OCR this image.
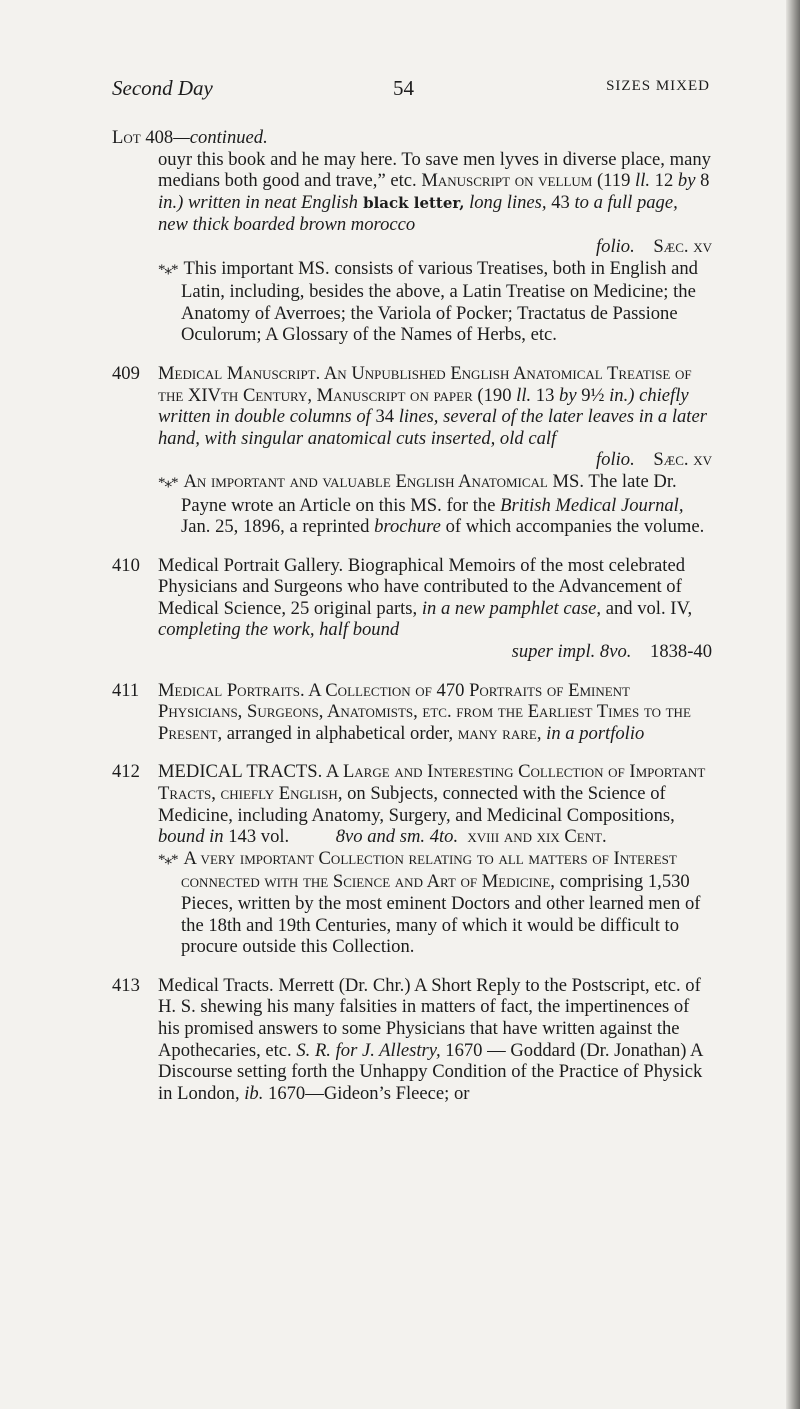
Second Day	54	SIZES MIXED

Lot 408—continued.

ouyr this book and he may here. To save men lyves in diverse place, many medians both good and trave,” etc. Manuscript on vellum (119 ll. 12 by 8 in.) written in neat English black letter, long lines, 43 to a full page, new thick boarded brown morocco

folio. Sæc. xv

*⁎* This important MS. consists of various Treatises, both in English and Latin, including, besides the above, a Latin Treatise on Medicine; the Anatomy of Averroes; the Variola of Pocker; Tractatus de Passione Oculorum; A Glossary of the Names of Herbs, etc.

409 Medical Manuscript. An Unpublished English Anatomical Treatise of the XIVth Century, Manuscript on paper (190 ll. 13 by 9½ in.) chiefly written in double columns of 34 lines, several of the later leaves in a later hand, with singular anatomical cuts inserted, old calf

folio. Sæc. xv

*⁎* An important and valuable English Anatomical MS. The late Dr. Payne wrote an Article on this MS. for the British Medical Journal, Jan. 25, 1896, a reprinted brochure of which accompanies the volume.

410 Medical Portrait Gallery. Biographical Memoirs of the most celebrated Physicians and Surgeons who have contributed to the Advancement of Medical Science, 25 original parts, in a new pamphlet case, and vol. IV, completing the work, half bound

super impl. 8vo. 1838-40

411 Medical Portraits. A Collection of 470 Portraits of Eminent Physicians, Surgeons, Anatomists, etc. from the Earliest Times to the Present, arranged in alphabetical order, many rare, in a portfolio

412 MEDICAL TRACTS. A Large and Interesting Collection of Important Tracts, chiefly English, on Subjects, connected with the Science of Medicine, including Anatomy, Surgery, and Medicinal Compositions, bound in 143 vol. 8vo and sm. 4to. xviii and xix Cent.

*⁎* A very important Collection relating to all matters of Interest connected with the Science and Art of Medicine, comprising 1,530 Pieces, written by the most eminent Doctors and other learned men of the 18th and 19th Centuries, many of which it would be difficult to procure outside this Collection.

413 Medical Tracts. Merrett (Dr. Chr.) A Short Reply to the Postscript, etc. of H. S. shewing his many falsities in matters of fact, the impertinences of his promised answers to some Physicians that have written against the Apothecaries, etc. S. R. for J. Allestry, 1670 — Goddard (Dr. Jonathan) A Discourse setting forth the Unhappy Condition of the Practice of Physick in London, ib. 1670—Gideon’s Fleece; or
